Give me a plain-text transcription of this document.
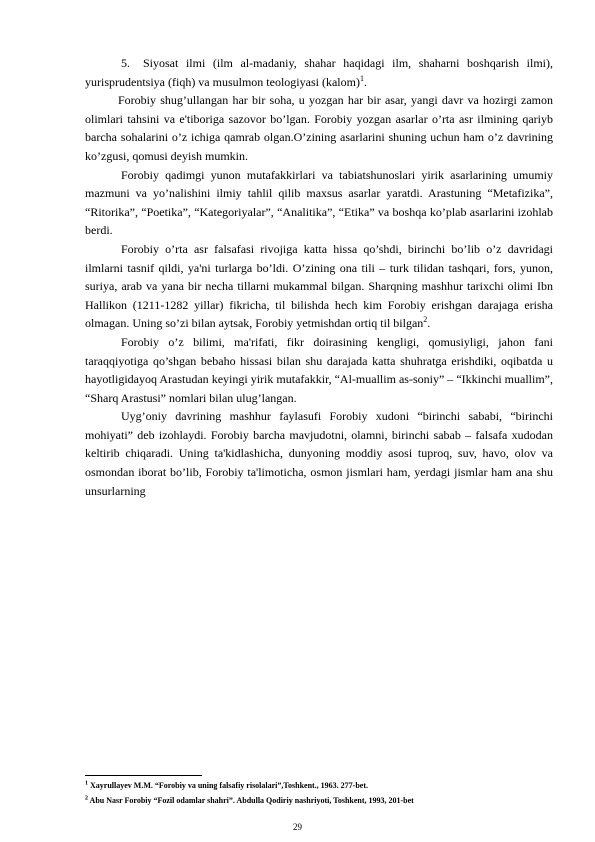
5.	Siyosat ilmi (ilm al-madaniy, shahar haqidagi ilm, shaharni boshqarish ilmi), yurisprudentsiya (fiqh) va musulmon teologiyasi (kalom)$^1$.

Forobiy shug’ullangan har bir soha, u yozgan har bir asar, yangi davr va hozirgi zamon olimlari tahsini va e'tiboriga sazovor bo’lgan. Forobiy yozgan asarlar o’rta asr ilmining qariyb barcha sohalarini o’z ichiga qamrab olgan.O’zining asarlarini shuning uchun ham o’z davrining ko’zgusi, qomusi deyish mumkin.

Forobiy qadimgi yunon mutafakkirlari va tabiatshunoslari yirik asarlarining umumiy mazmuni va yo’nalishini ilmiy tahlil qilib maxsus asarlar yaratdi. Arastuning “Metafizika”, “Ritorika”, “Poetika”, “Kategoriyalar”, “Analitika”, “Etika” va boshqa ko’plab asarlarini izohlab berdi.

Forobiy o’rta asr falsafasi rivojiga katta hissa qo’shdi, birinchi bo’lib o’z davridagi ilmlarni tasnif qildi, ya'ni turlarga bo’ldi. O’zining ona tili – turk tilidan tashqari, fors, yunon, suriya, arab va yana bir necha tillarni mukammal bilgan. Sharqning mashhur tarixchi olimi Ibn Hallikon (1211-1282 yillar) fikricha, til bilishda hech kim Forobiy erishgan darajaga erisha olmagan. Uning so’zi bilan aytsak, Forobiy yetmishdan ortiq til bilgan$^2$.

Forobiy o’z bilimi, ma'rifati, fikr doirasining kengligi, qomusiyligi, jahon fani taraqqiyotiga qo’shgan bebaho hissasi bilan shu darajada katta shuhratga erishdiki, oqibatda u hayotligidayoq Arastudan keyingi yirik mutafakkir, “Al-muallim as-soniy” – “Ikkinchi muallim”, “Sharq Arastusi” nomlari bilan ulug’langan.

Uyg’oniy davrining mashhur faylasufi Forobiy xudoni “birinchi sababi, “birinchi mohiyati” deb izohlaydi. Forobiy barcha mavjudotni, olamni, birinchi sabab – falsafa xudodan keltirib chiqaradi. Uning ta'kidlashicha, dunyoning moddiy asosi tuproq, suv, havo, olov va osmondan iborat bo’lib, Forobiy ta'limoticha, osmon jismlari ham, yerdagi jismlar ham ana shu unsurlarning

$^1$ Xayrullayev M.M. “Forobiy va uning falsafiy risolalari”,Toshkent., 1963. 277-bet.
$^2$ Abu Nasr Forobiy “Fozil odamlar shahri”. Abdulla Qodiriy nashriyoti, Toshkent, 1993, 201-bet
29
